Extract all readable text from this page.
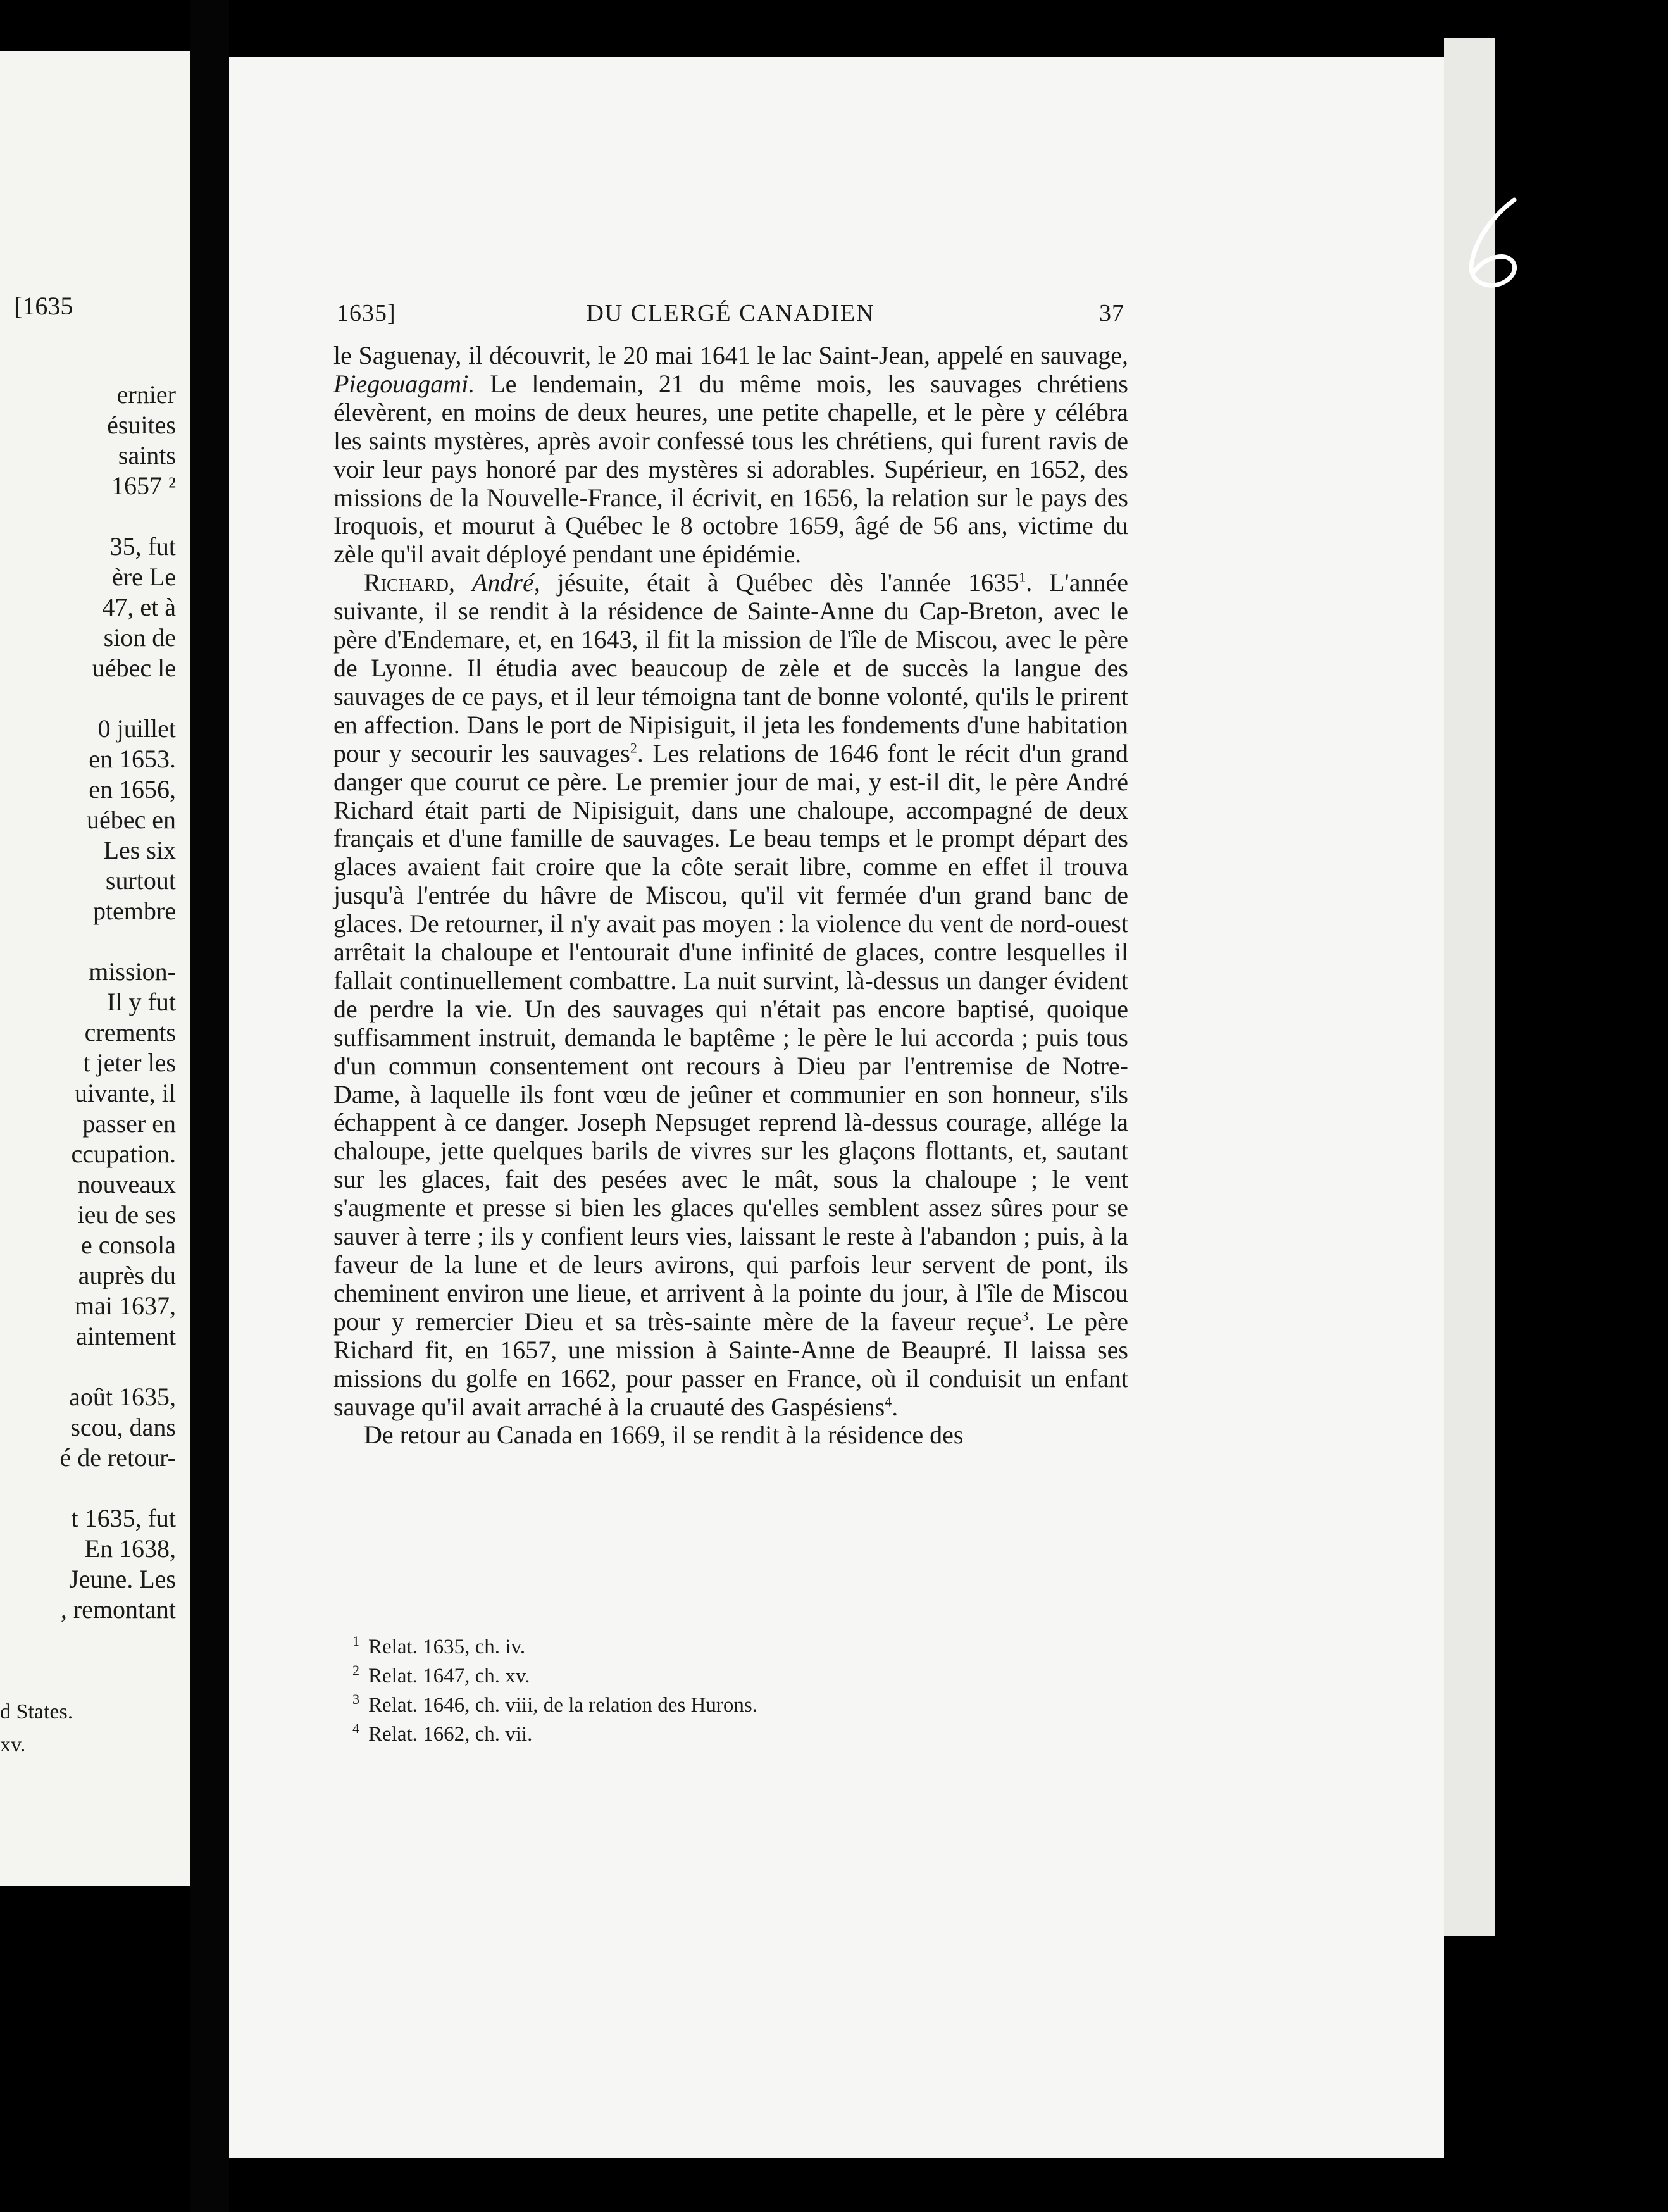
[1635
ernier
ésuites
saints
1657 ²
35, fut
ère Le
47, et à
sion de
uébec le
0 juillet
en 1653.
en 1656,
uébec en
Les six
surtout
ptembre
mission-
Il y fut
crements
t jeter les
uivante, il
passer en
ccupation.
nouveaux
ieu de ses
e consola
auprès du
mai 1637,
aintement
août 1635,
scou, dans
é de retour-
t 1635, fut
En 1638,
Jeune. Les
, remontant
d States.
xv.
1635]	DU CLERGÉ CANADIEN	37

le Saguenay, il découvrit, le 20 mai 1641 le lac Saint-Jean, appelé en sauvage, Piegouagami. Le lendemain, 21 du même mois, les sauvages chrétiens élevèrent, en moins de deux heures, une petite chapelle, et le père y célébra les saints mystères, après avoir confessé tous les chrétiens, qui furent ravis de voir leur pays honoré par des mystères si adorables. Supérieur, en 1652, des missions de la Nouvelle-France, il écrivit, en 1656, la relation sur le pays des Iroquois, et mourut à Québec le 8 octobre 1659, âgé de 56 ans, victime du zèle qu'il avait déployé pendant une épidémie.

Richard, André, jésuite, était à Québec dès l'année 1635$^1$. L'année suivante, il se rendit à la résidence de Sainte-Anne du Cap-Breton, avec le père d'Endemare, et, en 1643, il fit la mission de l'île de Miscou, avec le père de Lyonne. Il étudia avec beaucoup de zèle et de succès la langue des sauvages de ce pays, et il leur témoigna tant de bonne volonté, qu'ils le prirent en affection. Dans le port de Nipisiguit, il jeta les fondements d'une habitation pour y secourir les sauvages$^2$. Les relations de 1646 font le récit d'un grand danger que courut ce père. Le premier jour de mai, y est-il dit, le père André Richard était parti de Nipisiguit, dans une chaloupe, accompagné de deux français et d'une famille de sauvages. Le beau temps et le prompt départ des glaces avaient fait croire que la côte serait libre, comme en effet il trouva jusqu'à l'entrée du hâvre de Miscou, qu'il vit fermée d'un grand banc de glaces. De retourner, il n'y avait pas moyen : la violence du vent de nord-ouest arrêtait la chaloupe et l'entourait d'une infinité de glaces, contre lesquelles il fallait continuellement combattre. La nuit survint, là-dessus un danger évident de perdre la vie. Un des sauvages qui n'était pas encore baptisé, quoique suffisamment instruit, demanda le baptême ; le père le lui accorda ; puis tous d'un commun consentement ont recours à Dieu par l'entremise de Notre-Dame, à laquelle ils font vœu de jeûner et communier en son honneur, s'ils échappent à ce danger. Joseph Nepsuget reprend là-dessus courage, allége la chaloupe, jette quelques barils de vivres sur les glaçons flottants, et, sautant sur les glaces, fait des pesées avec le mât, sous la chaloupe ; le vent s'augmente et presse si bien les glaces qu'elles semblent assez sûres pour se sauver à terre ; ils y confient leurs vies, laissant le reste à l'abandon ; puis, à la faveur de la lune et de leurs avirons, qui parfois leur servent de pont, ils cheminent environ une lieue, et arrivent à la pointe du jour, à l'île de Miscou pour y remercier Dieu et sa très-sainte mère de la faveur reçue$^3$. Le père Richard fit, en 1657, une mission à Sainte-Anne de Beaupré. Il laissa ses missions du golfe en 1662, pour passer en France, où il conduisit un enfant sauvage qu'il avait arraché à la cruauté des Gaspésiens$^4$.

De retour au Canada en 1669, il se rendit à la résidence des

$^1$ Relat. 1635, ch. iv.
$^2$ Relat. 1647, ch. xv.
$^3$ Relat. 1646, ch. viii, de la relation des Hurons.
$^4$ Relat. 1662, ch. vii.
